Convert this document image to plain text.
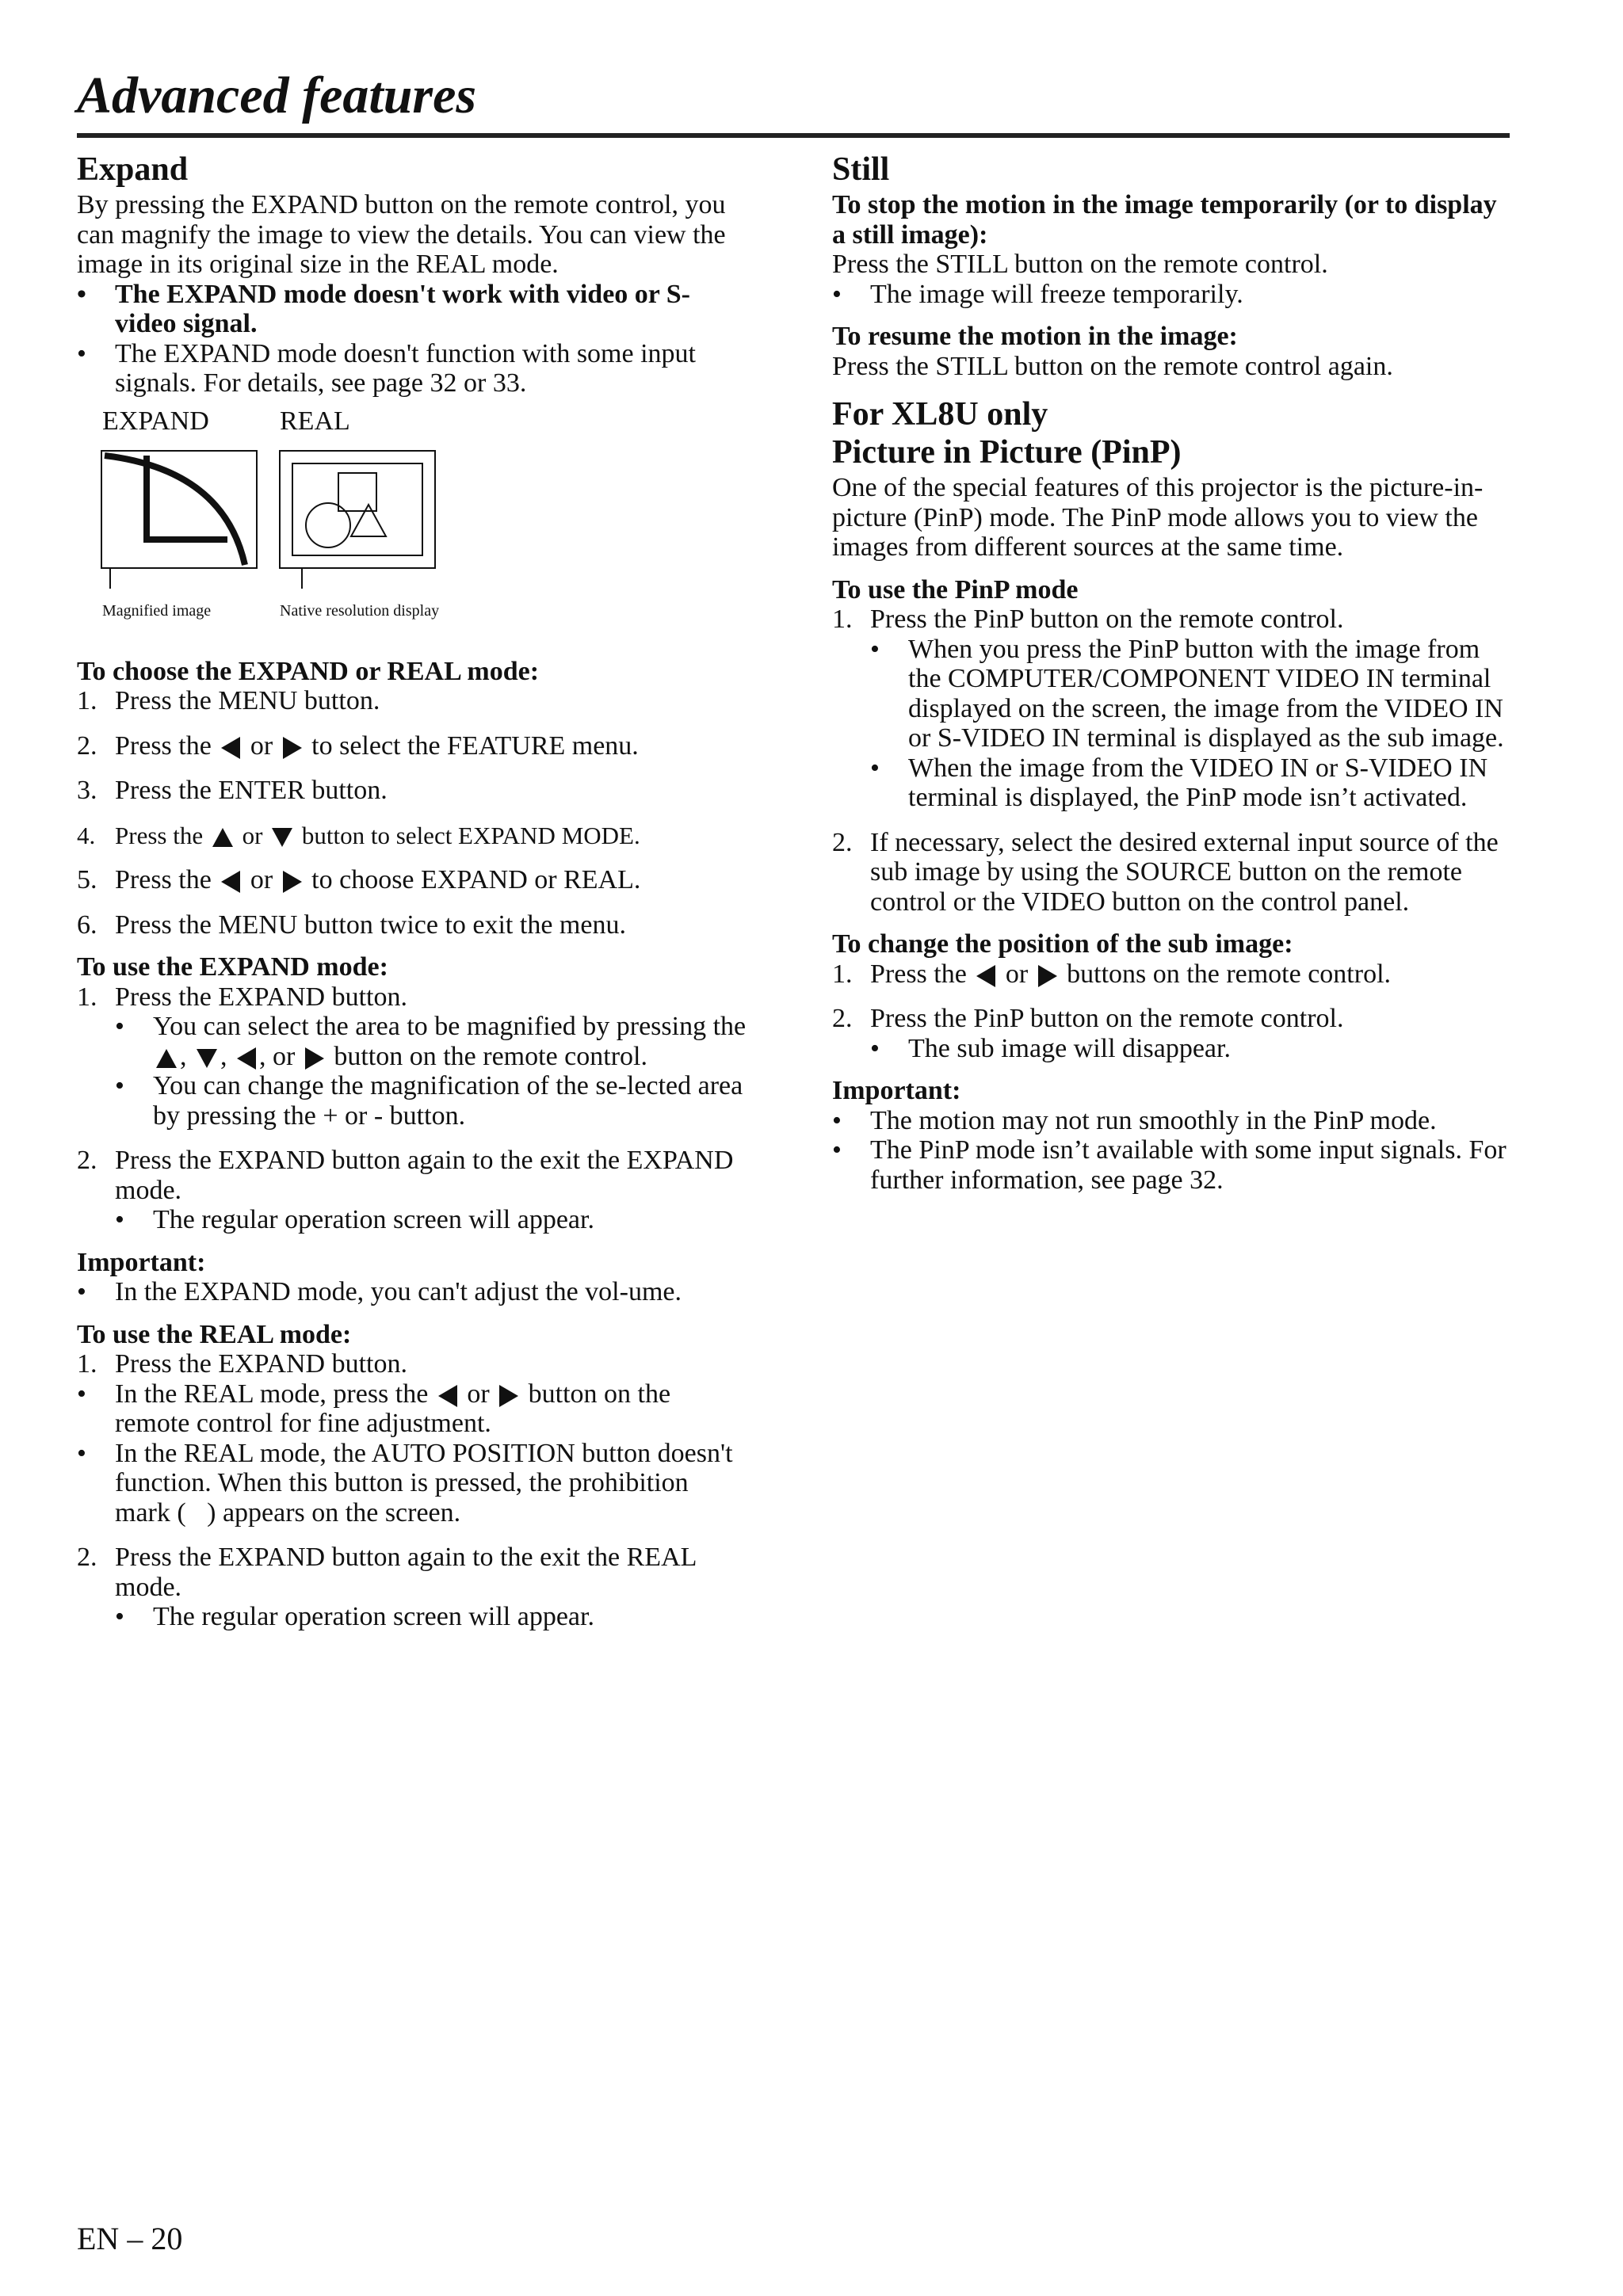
Advanced features
Expand

By pressing the EXPAND button on the remote control, you can magnify the image to view the details. You can view the image in its original size in the REAL mode.

•	The EXPAND mode doesn't work with video or S-video signal.
•	The EXPAND mode doesn't function with some input signals. For details, see page 32 or 33.
EXPAND	REAL
Magnified image	Native resolution display

To choose the EXPAND or REAL mode:

1. Press the MENU button.
2. Press the or to select the FEATURE menu.
3. Press the ENTER button.
4. Press the or button to select EXPAND MODE.
5. Press the or to choose EXPAND or REAL.
6. Press the MENU button twice to exit the menu.

To use the EXPAND mode:

1. Press the EXPAND button.
•	You can select the area to be magnified by pressing the , , , or button on the remote control.
•	You can change the magnification of the se-lected area by pressing the + or - button.
2. Press the EXPAND button again to the exit the EXPAND mode.
•	The regular operation screen will appear.

Important:

•	In the EXPAND mode, you can't adjust the vol-ume.

To use the REAL mode:

1. Press the EXPAND button.
•	In the REAL mode, press the or button on the remote control for fine adjustment.
•	In the REAL mode, the AUTO POSITION button doesn't function. When this button is pressed, the prohibition mark (⃠) appears on the screen.
2. Press the EXPAND button again to the exit the REAL mode.
•	The regular operation screen will appear.
Still

To stop the motion in the image temporarily (or to display a still image):

Press the STILL button on the remote control.

•	The image will freeze temporarily.

To resume the motion in the image:

Press the STILL button on the remote control again.

For XL8U only
Picture in Picture (PinP)

One of the special features of this projector is the picture-in-picture (PinP) mode. The PinP mode allows you to view the images from different sources at the same time.

To use the PinP mode

1. Press the PinP button on the remote control.
•	When you press the PinP button with the image from the COMPUTER/COMPONENT VIDEO IN terminal displayed on the screen, the image from the VIDEO IN or S-VIDEO IN terminal is displayed as the sub image.
•	When the image from the VIDEO IN or S-VIDEO IN terminal is displayed, the PinP mode isn’t activated.
2. If necessary, select the desired external input source of the sub image by using the SOURCE button on the remote control or the VIDEO button on the control panel.

To change the position of the sub image:

1. Press the or buttons on the remote control.
2. Press the PinP button on the remote control.
•	The sub image will disappear.

Important:

•	The motion may not run smoothly in the PinP mode.
•	The PinP mode isn’t available with some input signals. For further information, see page 32.
EN – 20
